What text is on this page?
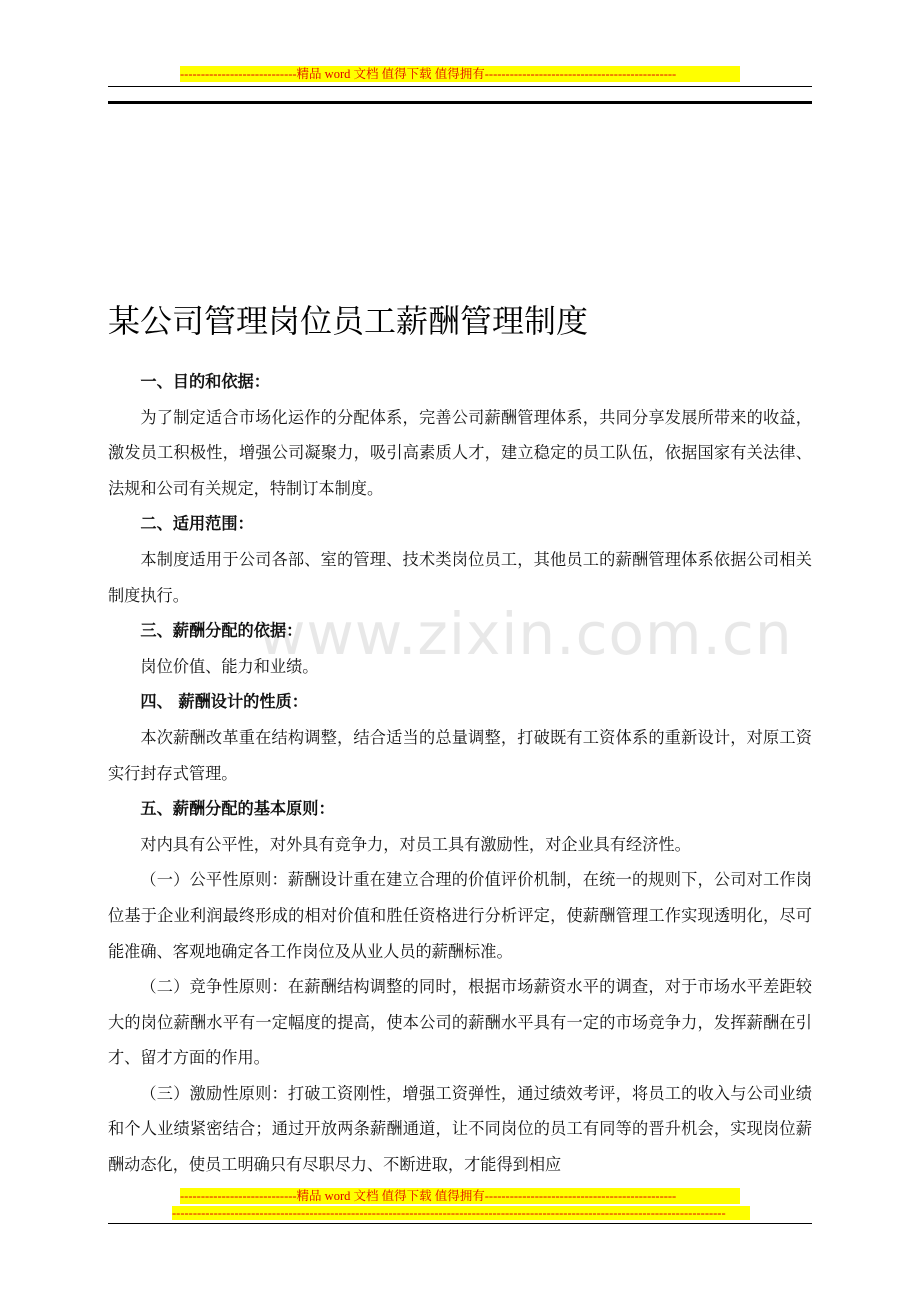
----------------------------精品 word 文档 值得下载 值得拥有----------------------------------------------
某公司管理岗位员工薪酬管理制度
www.zixin.com.cn

一、目的和依据：

为了制定适合市场化运作的分配体系，完善公司薪酬管理体系，共同分享发展所带来的收益， 激发员工积极性，增强公司凝聚力，吸引高素质人才，建立稳定的员工队伍，依据国家有关法律、法规和公司有关规定，特制订本制度。

二、适用范围：

本制度适用于公司各部、室的管理、技术类岗位员工，其他员工的薪酬管理体系依据公司相关制度执行。

三、薪酬分配的依据：

岗位价值、能力和业绩。

四、 薪酬设计的性质：

本次薪酬改革重在结构调整，结合适当的总量调整，打破既有工资体系的重新设计，对原工资实行封存式管理。

五、薪酬分配的基本原则：

对内具有公平性，对外具有竞争力，对员工具有激励性，对企业具有经济性。

（一）公平性原则：薪酬设计重在建立合理的价值评价机制，在统一的规则下，公司对工作岗位基于企业利润最终形成的相对价值和胜任资格进行分析评定，使薪酬管理工作实现透明化，尽可能准确、客观地确定各工作岗位及从业人员的薪酬标准。

（二）竞争性原则：在薪酬结构调整的同时，根据市场薪资水平的调查，对于市场水平差距较大的岗位薪酬水平有一定幅度的提高，使本公司的薪酬水平具有一定的市场竞争力，发挥薪酬在引才、留才方面的作用。

（三）激励性原则：打破工资刚性，增强工资弹性，通过绩效考评，将员工的收入与公司业绩和个人业绩紧密结合；通过开放两条薪酬通道，让不同岗位的员工有同等的晋升机会，实现岗位薪酬动态化，使员工明确只有尽职尽力、不断进取，才能得到相应

----------------------------精品 word 文档 值得下载 值得拥有----------------------------------------------
-------------------------------------------------------------------------------------------------------------------------------------
